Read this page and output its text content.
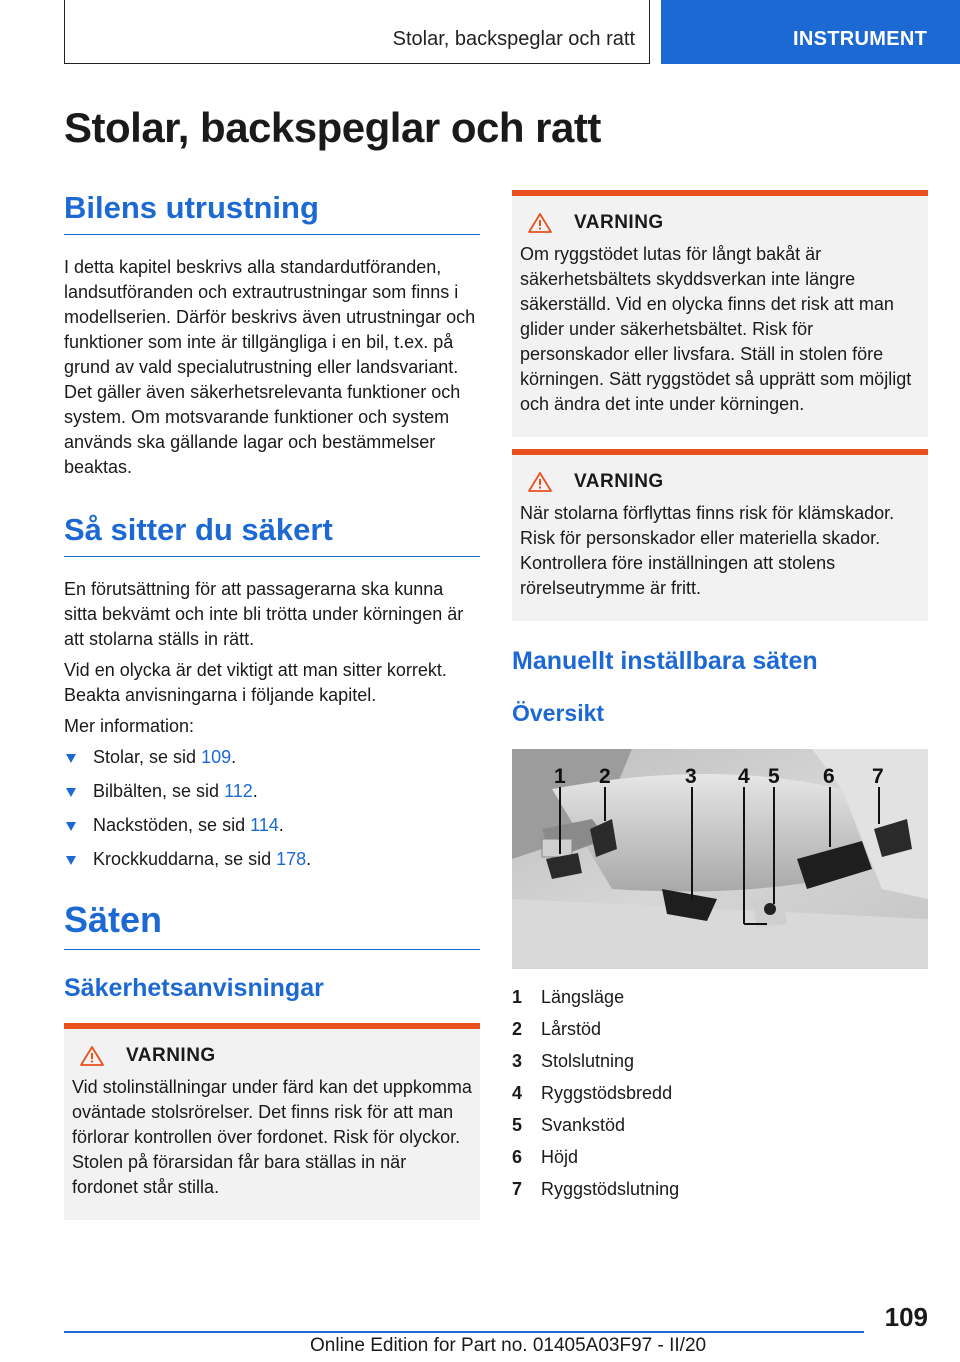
Stolar, backspeglar och ratt	INSTRUMENT
Stolar, backspeglar och ratt
Bilens utrustning

I detta kapitel beskrivs alla standardutföranden, landsutföranden och extrautrustningar som finns i modellserien. Därför beskrivs även utrustningar och funktioner som inte är tillgängliga i en bil, t.ex. på grund av vald specialutrustning eller landsvariant. Det gäller även säkerhetsrelevanta funktioner och system. Om motsvarande funktioner och system används ska gällande lagar och bestämmelser beaktas.

Så sitter du säkert

En förutsättning för att passagerarna ska kunna sitta bekvämt och inte bli trötta under körningen är att stolarna ställs in rätt.

Vid en olycka är det viktigt att man sitter korrekt. Beakta anvisningarna i följande kapitel.

Mer information:

Stolar, se sid 109.
Bilbälten, se sid 112.
Nackstöden, se sid 114.
Krockkuddarna, se sid 178.
Säten
Säkerhetsanvisningar
VARNING

Vid stolinställningar under färd kan det uppkomma oväntade stolsrörelser. Det finns risk för att man förlorar kontrollen över fordonet. Risk för olyckor. Stolen på förarsidan får bara ställas in när fordonet står stilla.

VARNING

Om ryggstödet lutas för långt bakåt är säkerhetsbältets skyddsverkan inte längre säkerställd. Vid en olycka finns det risk att man glider under säkerhetsbältet. Risk för personskador eller livsfara. Ställ in stolen före körningen. Sätt ryggstödet så upprätt som möjligt och ändra det inte under körningen.

VARNING

När stolarna förflyttas finns risk för klämskador. Risk för personskador eller materiella skador. Kontrollera före inställningen att stolens rörelseutrymme är fritt.

Manuellt inställbara säten
Översikt
1 2	3 4 5 6 7
1	Längsläge
2	Lårstöd
3	Stolslutning
4	Ryggstödsbredd
5	Svankstöd
6	Höjd
7	Ryggstödslutning
109
Online Edition for Part no. 01405A03F97 - II/20
